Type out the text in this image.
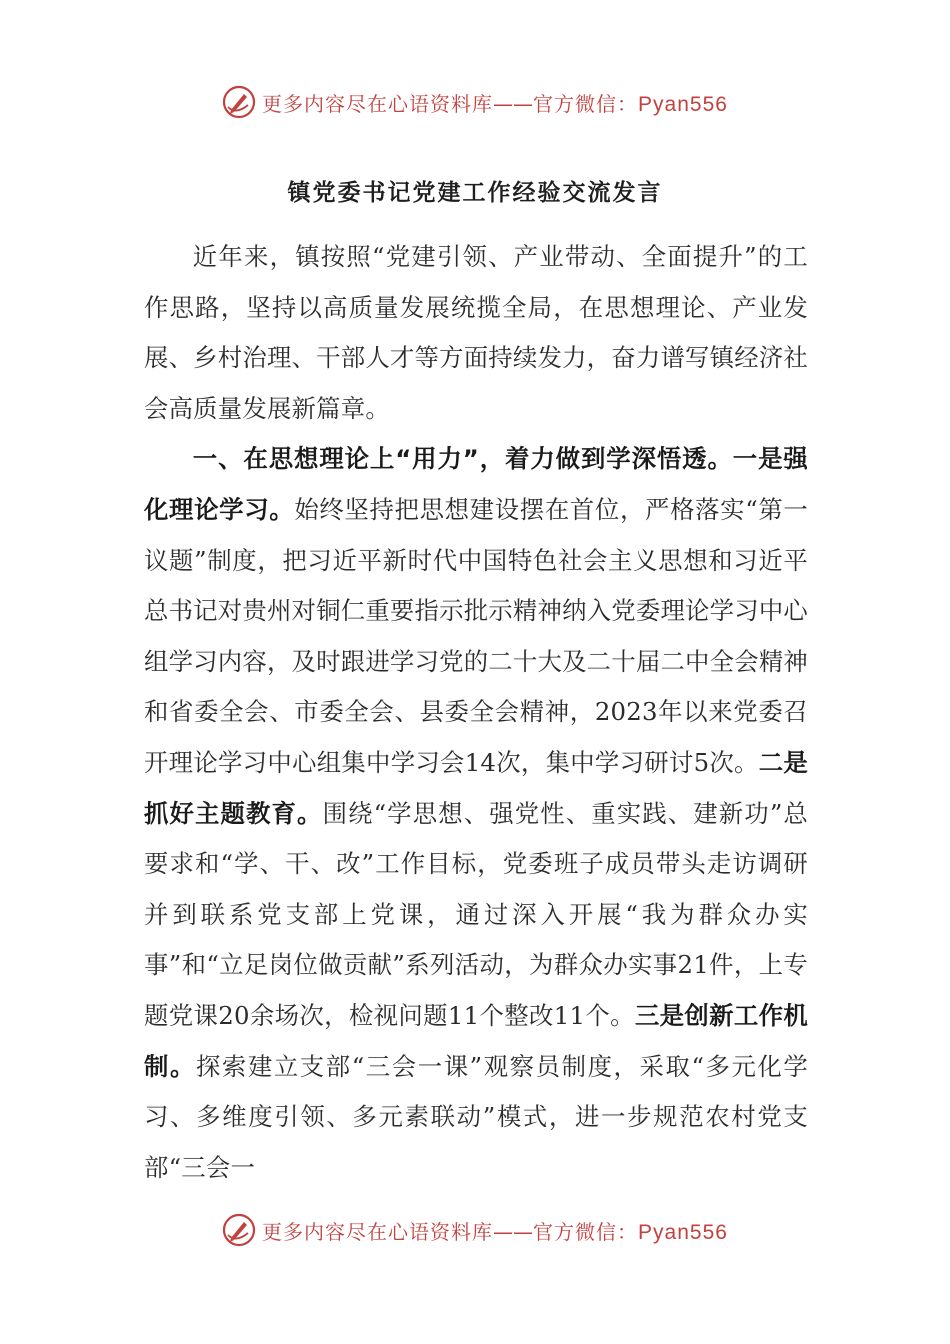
更多内容尽在心语资料库——官方微信：Pyan556
镇党委书记党建工作经验交流发言

近年来，镇按照“党建引领、产业带动、全面提升”的工作思路，坚持以高质量发展统揽全局，在思想理论、产业发展、乡村治理、干部人才等方面持续发力，奋力谱写镇经济社会高质量发展新篇章。

一、在思想理论上“用力”，着力做到学深悟透。一是强化理论学习。始终坚持把思想建设摆在首位，严格落实“第一议题”制度，把习近平新时代中国特色社会主义思想和习近平总书记对贵州对铜仁重要指示批示精神纳入党委理论学习中心组学习内容，及时跟进学习党的二十大及二十届二中全会精神和省委全会、市委全会、县委全会精神，2023年以来党委召开理论学习中心组集中学习会14次，集中学习研讨5次。二是抓好主题教育。围绕“学思想、强党性、重实践、建新功”总要求和“学、干、改”工作目标，党委班子成员带头走访调研并到联系党支部上党课，通过深入开展“我为群众办实事”和“立足岗位做贡献”系列活动，为群众办实事21件，上专题党课20余场次，检视问题11个整改11个。三是创新工作机制。探索建立支部“三会一课”观察员制度，采取“多元化学习、多维度引领、多元素联动”模式，进一步规范农村党支部“三会一

更多内容尽在心语资料库——官方微信：Pyan556
